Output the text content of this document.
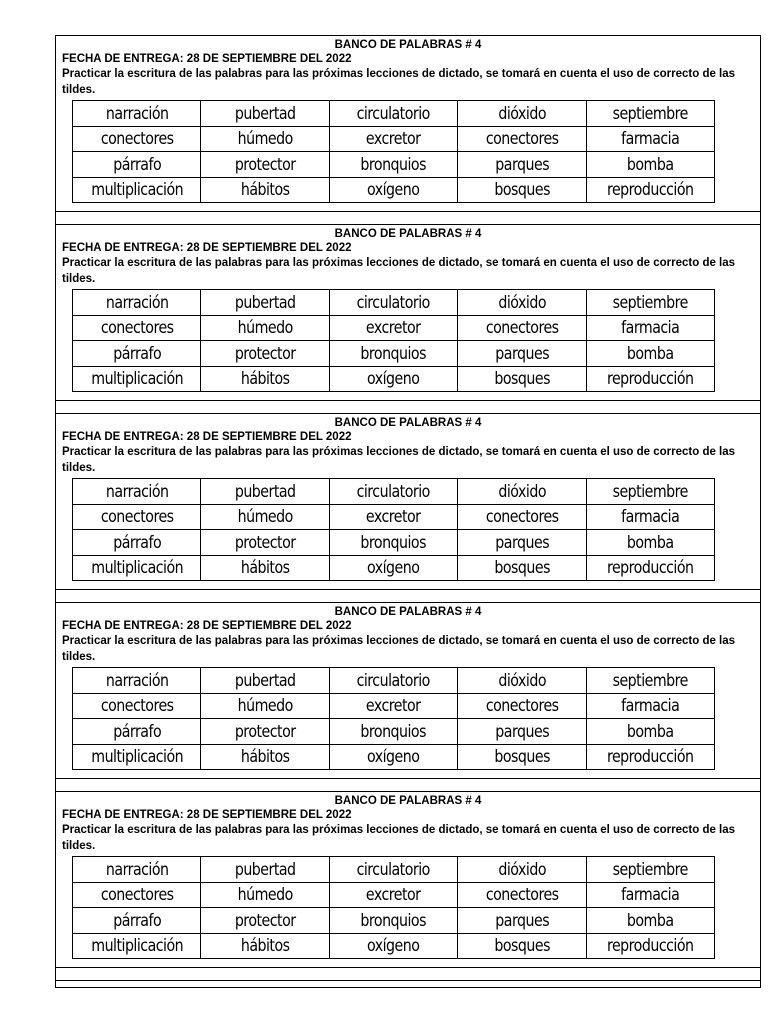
BANCO DE PALABRAS # 4
FECHA DE ENTREGA: 28 DE SEPTIEMBRE DEL 2022
Practicar la escritura de las palabras para las próximas lecciones de dictado, se tomará en cuenta el uso de correcto de las tildes.
narración	pubertad	circulatorio	dióxido	septiembre
conectores	húmedo	excretor	conectores	farmacia
párrafo	protector	bronquios	parques	bomba
multiplicación	hábitos	oxígeno	bosques	reproducción
BANCO DE PALABRAS # 4
FECHA DE ENTREGA: 28 DE SEPTIEMBRE DEL 2022
Practicar la escritura de las palabras para las próximas lecciones de dictado, se tomará en cuenta el uso de correcto de las tildes.
narración	pubertad	circulatorio	dióxido	septiembre
conectores	húmedo	excretor	conectores	farmacia
párrafo	protector	bronquios	parques	bomba
multiplicación	hábitos	oxígeno	bosques	reproducción
BANCO DE PALABRAS # 4
FECHA DE ENTREGA: 28 DE SEPTIEMBRE DEL 2022
Practicar la escritura de las palabras para las próximas lecciones de dictado, se tomará en cuenta el uso de correcto de las tildes.
narración	pubertad	circulatorio	dióxido	septiembre
conectores	húmedo	excretor	conectores	farmacia
párrafo	protector	bronquios	parques	bomba
multiplicación	hábitos	oxígeno	bosques	reproducción
BANCO DE PALABRAS # 4
FECHA DE ENTREGA: 28 DE SEPTIEMBRE DEL 2022
Practicar la escritura de las palabras para las próximas lecciones de dictado, se tomará en cuenta el uso de correcto de las tildes.
narración	pubertad	circulatorio	dióxido	septiembre
conectores	húmedo	excretor	conectores	farmacia
párrafo	protector	bronquios	parques	bomba
multiplicación	hábitos	oxígeno	bosques	reproducción
BANCO DE PALABRAS # 4
FECHA DE ENTREGA: 28 DE SEPTIEMBRE DEL 2022
Practicar la escritura de las palabras para las próximas lecciones de dictado, se tomará en cuenta el uso de correcto de las tildes.
narración	pubertad	circulatorio	dióxido	septiembre
conectores	húmedo	excretor	conectores	farmacia
párrafo	protector	bronquios	parques	bomba
multiplicación	hábitos	oxígeno	bosques	reproducción
